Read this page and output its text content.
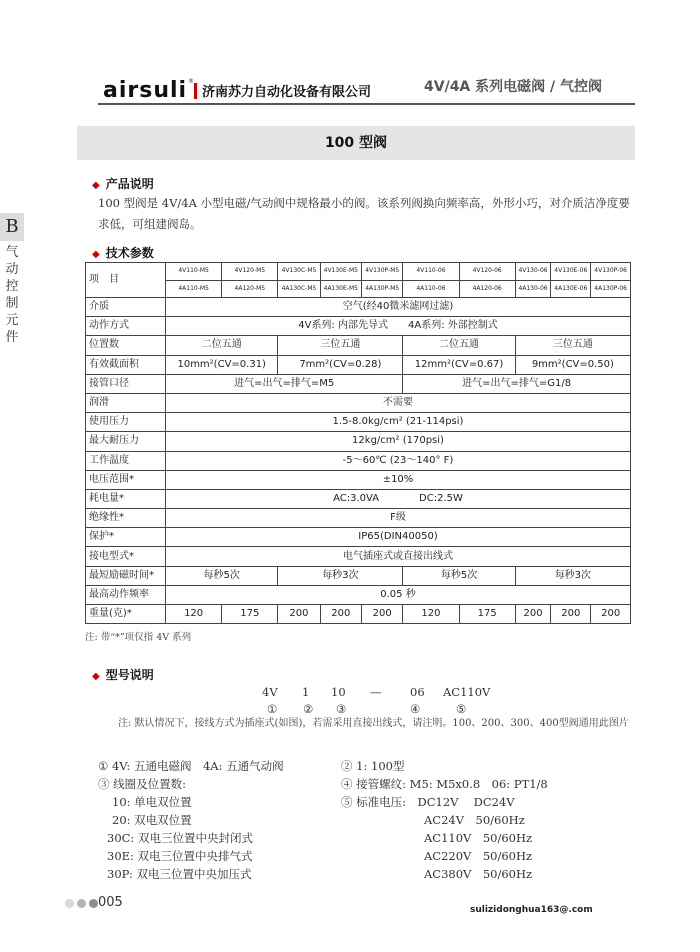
airsuli ®
济南苏力自动化设备有限公司	4V/4A 系列电磁阀 / 气控阀
100 型阀
B
气动控制元件
◆ 产品说明
100 型阀是 4V/4A 小型电磁/气动阀中规格最小的阀。该系列阀换向频率高，外形小巧，对介质洁净度要求低，可组建阀岛。
◆ 技术参数
项　目	4V110-M5	4V120-M5	4V130C-M5	4V130E-M5	4V130P-M5	4V110-06	4V120-06	4V130-06	4V130E-06	4V130P-06
	4A110-M5	4A120-M5	4A130C-M5	4A130E-M5	4A130P-M5	4A110-06	4A120-06	4A130-06	4A130E-06	4A130P-06
介质	空气(经40微米滤网过滤)									
动作方式	4V系列: 内部先导式　　4A系列: 外部控制式									
位置数	二位五通		三位五通			二位五通		三位五通		
有效截面积	10mm²(CV=0.31)		7mm²(CV=0.28)			12mm²(CV=0.67)		9mm²(CV=0.50)		
接管口径	进气=出气=排气=M5					进气=出气=排气=G1/8				
润滑	不需要									
使用压力	1.5-8.0kg/cm² (21-114psi)									
最大耐压力	12kg/cm² (170psi)									
工作温度	-5～60℃ (23～140° F)									
电压范围*	±10%									
耗电量*	AC:3.0VA　　　　DC:2.5W									
绝缘性*	F级									
保护*	IP65(DIN40050)									
接电型式*	电气插座式或直接出线式									
最短励磁时间*	每秒5次		每秒3次			每秒5次		每秒3次		
最高动作频率	0.05 秒									
重量(克)*	120	175	200	200	200	120	175	200	200	200
注: 带“*”项仅指 4V 系列
◆ 型号说明
4V 1 10 — 06 AC110V
① ② ③	④	⑤
注: 默认情况下，接线方式为插座式(如图)，若需采用直接出线式，请注明。100、200、300、400型阀通用此图片
① 4V: 五通电磁阀　4A: 五通气动阀
③ 线圈及位置数:
10: 单电双位置
20: 双电双位置
30C: 双电三位置中央封闭式
30E: 双电三位置中央排气式
30P: 双电三位置中央加压式
② 1: 100型
④ 接管螺纹: M5: M5x0.8　06: PT1/8
⑤ 标准电压:　DC12V　 DC24V
AC24V　50/60Hz
AC110V　50/60Hz
AC220V　50/60Hz
AC380V　50/60Hz
005	sulizidonghua163@.com
